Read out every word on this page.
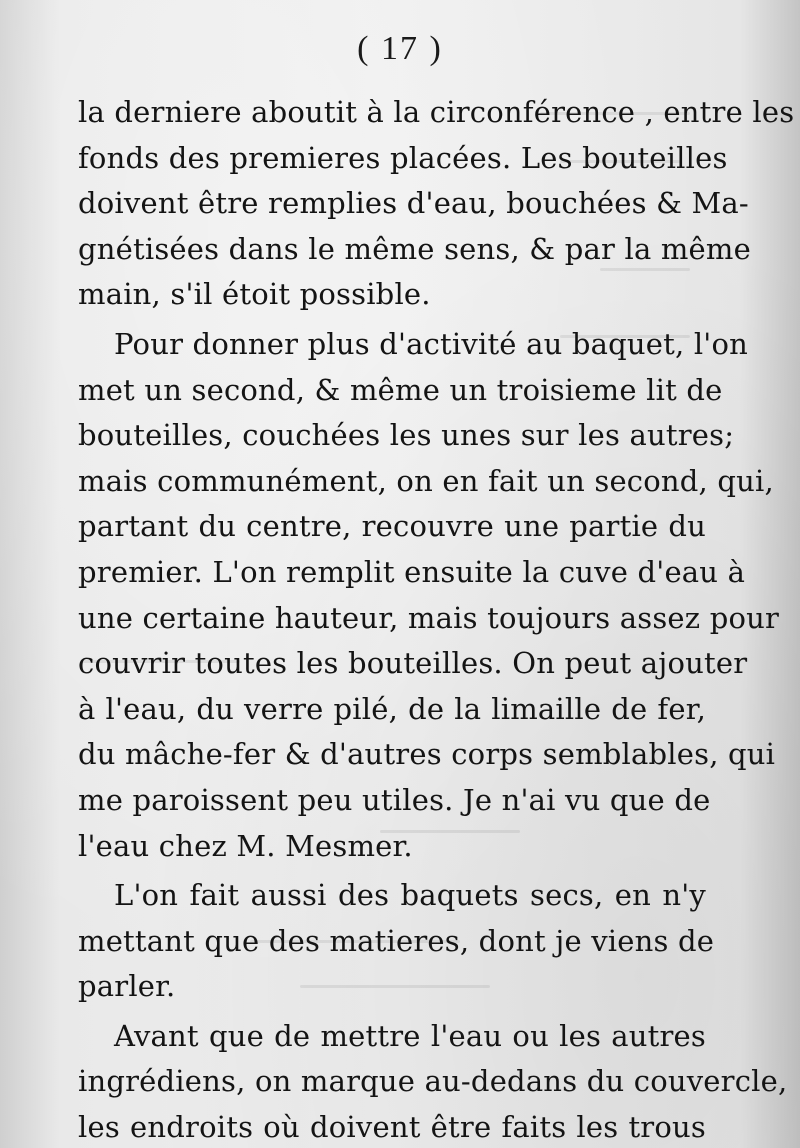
( 17 )
la derniere aboutit à la circonférence , entre les
fonds des premieres placées. Les bouteilles
doivent être remplies d'eau, bouchées & Ma-
gnétisées dans le même sens, & par la même
main, s'il étoit possible.
Pour donner plus d'activité au baquet, l'on
met un second, & même un troisieme lit de
bouteilles, couchées les unes sur les autres;
mais communément, on en fait un second, qui,
partant du centre, recouvre une partie du
premier. L'on remplit ensuite la cuve d'eau à
une certaine hauteur, mais toujours assez pour
couvrir toutes les bouteilles. On peut ajouter
à l'eau, du verre pilé, de la limaille de fer,
du mâche-fer & d'autres corps semblables, qui
me paroissent peu utiles. Je n'ai vu que de
l'eau chez M. Mesmer.
L'on fait aussi des baquets secs, en n'y
mettant que des matieres, dont je viens de
parler.
Avant que de mettre l'eau ou les autres
ingrédiens, on marque au-dedans du couvercle,
les endroits où doivent être faits les trous
